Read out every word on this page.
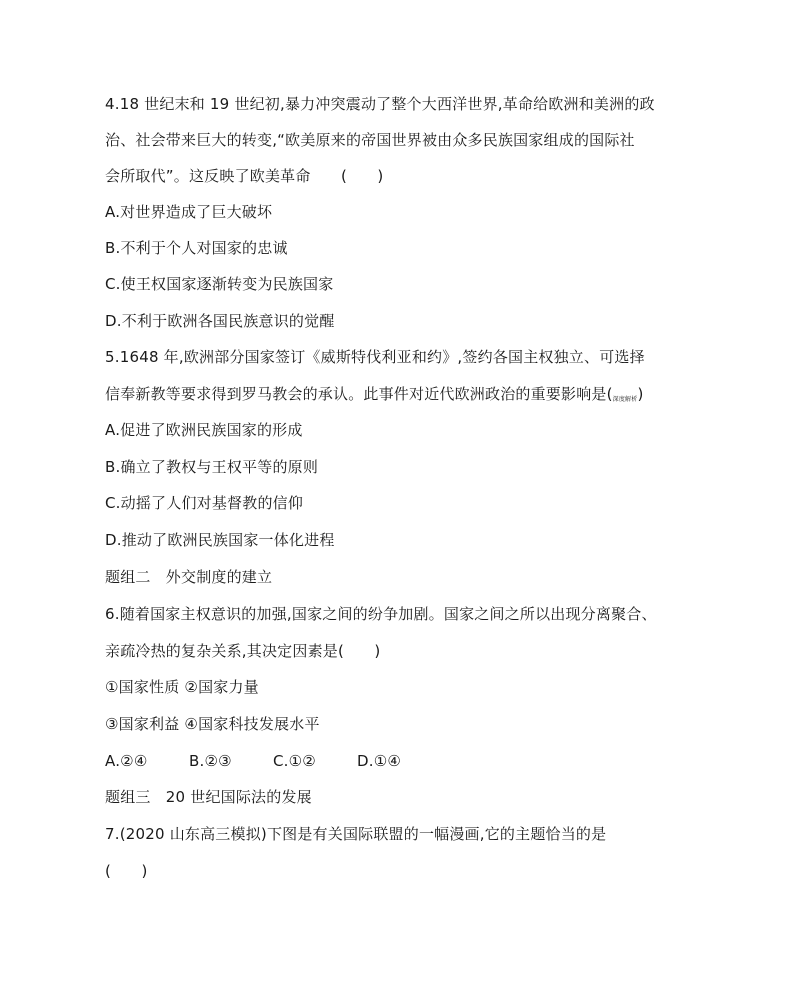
4.18 世纪末和 19 世纪初,暴力冲突震动了整个大西洋世界,革命给欧洲和美洲的政
治、社会带来巨大的转变,“欧美原来的帝国世界被由众多民族国家组成的国际社
会所取代”。这反映了欧美革命　　(　　)
A.对世界造成了巨大破坏
B.不利于个人对国家的忠诚
C.使王权国家逐渐转变为民族国家
D.不利于欧洲各国民族意识的觉醒
5.1648 年,欧洲部分国家签订《威斯特伐利亚和约》,签约各国主权独立、可选择
信奉新教等要求得到罗马教会的承认。此事件对近代欧洲政治的重要影响是(深度解析)
A.促进了欧洲民族国家的形成
B.确立了教权与王权平等的原则
C.动摇了人们对基督教的信仰
D.推动了欧洲民族国家一体化进程
题组二　外交制度的建立
6.随着国家主权意识的加强,国家之间的纷争加剧。国家之间之所以出现分离聚合、
亲疏冷热的复杂关系,其决定因素是(　　)
①国家性质 ②国家力量
③国家利益 ④国家科技发展水平
A.②④	B.②③	C.①②	D.①④
题组三　20 世纪国际法的发展
7.(2020 山东高三模拟)下图是有关国际联盟的一幅漫画,它的主题恰当的是
(　　)
